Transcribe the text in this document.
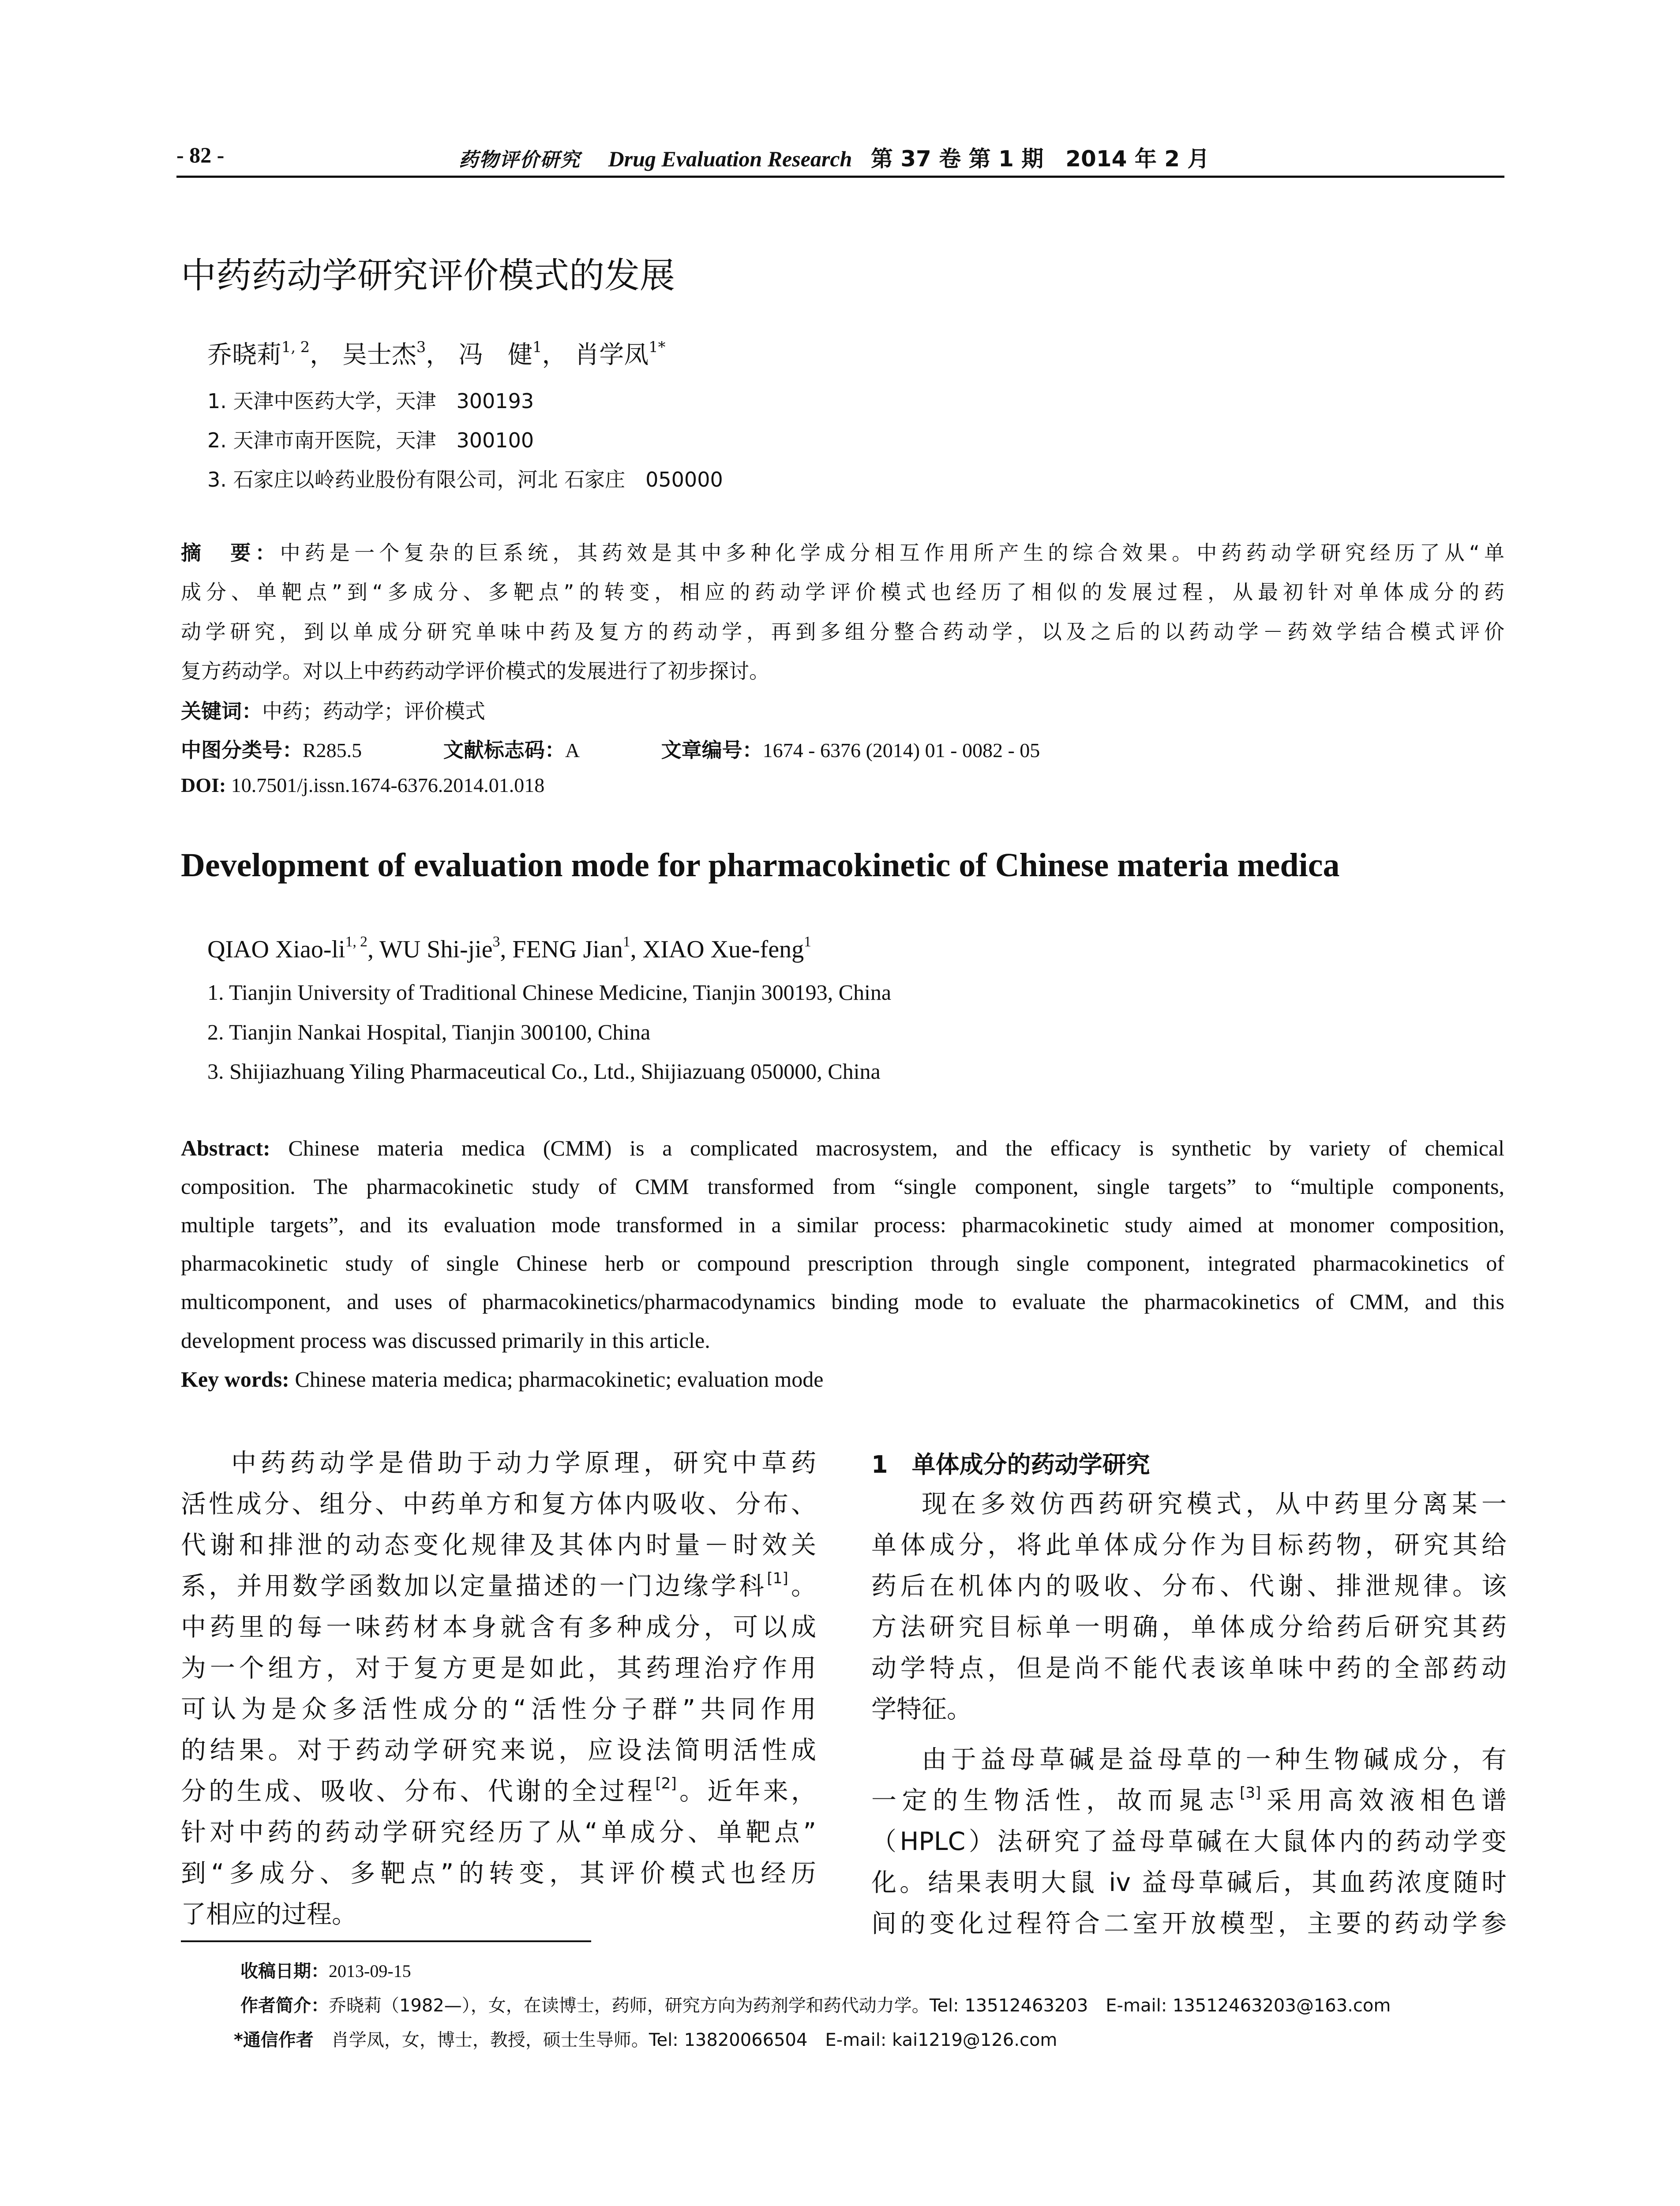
- 82 -	药物评价研究 Drug Evaluation Research 第 37 卷 第 1 期　2014 年 2 月
中药药动学研究评价模式的发展
乔晓莉$^{1, 2}$， 吴士杰$^3$， 冯　健$^1$， 肖学凤$^{1*}$
1. 天津中医药大学，天津　300193
2. 天津市南开医院，天津　300100
3. 石家庄以岭药业股份有限公司，河北 石家庄　050000
摘　要：中药是一个复杂的巨系统，其药效是其中多种化学成分相互作用所产生的综合效果。中药药动学研究经历了从“单
成分、单靶点”到“多成分、多靶点”的转变，相应的药动学评价模式也经历了相似的发展过程，从最初针对单体成分的药
动学研究，到以单成分研究单味中药及复方的药动学，再到多组分整合药动学，以及之后的以药动学－药效学结合模式评价
复方药动学。对以上中药药动学评价模式的发展进行了初步探讨。
关键词：中药；药动学；评价模式
中图分类号：R285.5	文献标志码：A	文章编号：1674 - 6376 (2014) 01 - 0082 - 05
DOI: 10.7501/j.issn.1674-6376.2014.01.018
Development of evaluation mode for pharmacokinetic of Chinese materia medica
QIAO Xiao-li$^{1, 2}$, WU Shi-jie$^3$, FENG Jian$^1$, XIAO Xue-feng$^1$
1. Tianjin University of Traditional Chinese Medicine, Tianjin 300193, China
2. Tianjin Nankai Hospital, Tianjin 300100, China
3. Shijiazhuang Yiling Pharmaceutical Co., Ltd., Shijiazuang 050000, China
Abstract: Chinese materia medica (CMM) is a complicated macrosystem, and the efficacy is synthetic by variety of chemical
composition. The pharmacokinetic study of CMM transformed from “single component, single targets” to “multiple components,
multiple targets”, and its evaluation mode transformed in a similar process: pharmacokinetic study aimed at monomer composition,
pharmacokinetic study of single Chinese herb or compound prescription through single component, integrated pharmacokinetics of
multicomponent, and uses of pharmacokinetics/pharmacodynamics binding mode to evaluate the pharmacokinetics of CMM, and this
development process was discussed primarily in this article.
Key words: Chinese materia medica; pharmacokinetic; evaluation mode
中药药动学是借助于动力学原理，研究中草药
活性成分、组分、中药单方和复方体内吸收、分布、
代谢和排泄的动态变化规律及其体内时量－时效关
系，并用数学函数加以定量描述的一门边缘学科[1]。
中药里的每一味药材本身就含有多种成分，可以成
为一个组方，对于复方更是如此，其药理治疗作用
可认为是众多活性成分的“活性分子群”共同作用
的结果。对于药动学研究来说，应设法简明活性成
分的生成、吸收、分布、代谢的全过程[2]。近年来，
针对中药的药动学研究经历了从“单成分、单靶点”
到“多成分、多靶点”的转变，其评价模式也经历
了相应的过程。
1　单体成分的药动学研究
现在多效仿西药研究模式，从中药里分离某一
单体成分，将此单体成分作为目标药物，研究其给
药后在机体内的吸收、分布、代谢、排泄规律。该
方法研究目标单一明确，单体成分给药后研究其药
动学特点，但是尚不能代表该单味中药的全部药动
学特征。
由于益母草碱是益母草的一种生物碱成分，有
一定的生物活性，故而晁志[3]采用高效液相色谱
（HPLC）法研究了益母草碱在大鼠体内的药动学变
化。结果表明大鼠 iv 益母草碱后，其血药浓度随时
间的变化过程符合二室开放模型，主要的药动学参
收稿日期：2013-09-15
作者简介：乔晓莉（1982—），女，在读博士，药师，研究方向为药剂学和药代动力学。Tel: 13512463203　E-mail: 13512463203@163.com
*通信作者　肖学凤，女，博士，教授，硕士生导师。Tel: 13820066504　E-mail: kai1219@126.com
